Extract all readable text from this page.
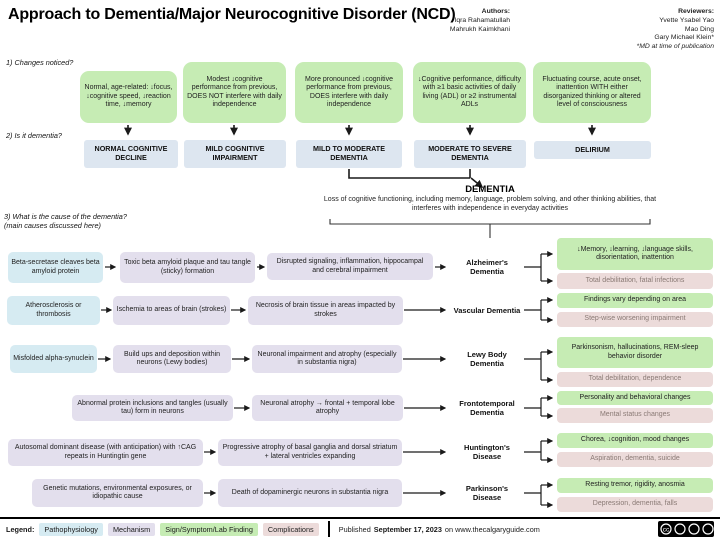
Approach to Dementia/Major Neurocognitive Disorder (NCD)	Authors:
Iqra Rahamatullah
Mahrukh Kaimkhani
Reviewers:
Yvette Ysabel Yao
Mao Ding
Gary Michael Klein*
*MD at time of publication
1) Changes noticed?
2) Is it dementia?
3) What is the cause of the dementia?
(main causes discussed here)
Normal, age-related: ↓focus, ↓cognitive speed, ↓reaction time, ↓memory
Modest ↓cognitive performance from previous, DOES NOT interfere with daily independence
More pronounced ↓cognitive performance from previous, DOES interfere with daily independence
↓Cognitive performance, difficulty with ≥1 basic activities of daily living (ADL) or ≥2 instrumental ADLs
Fluctuating course, acute onset, inattention WITH either disorganized thinking or altered level of consciousness
NORMAL COGNITIVE DECLINE
MILD COGNITIVE IMPAIRMENT
MILD TO MODERATE DEMENTIA
MODERATE TO SEVERE DEMENTIA
DELIRIUM
DEMENTIA
Loss of cognitive functioning, including memory, language, problem solving, and other thinking abilities, that interferes with independence in everyday activities
Beta-secretase cleaves beta amyloid protein
Toxic beta amyloid plaque and tau tangle (sticky) formation
Disrupted signaling, inflammation, hippocampal and cerebral impairment
Alzheimer's Dementia
↓Memory, ↓learning, ↓language skills, disorientation, inattention
Total debilitation, fatal infections
Atherosclerosis or thrombosis
Ischemia to areas of brain (strokes)
Necrosis of brain tissue in areas impacted by strokes	Vascular Dementia
Findings vary depending on area
Step-wise worsening impairment
Misfolded alpha-synuclein
Build ups and deposition within neurons (Lewy bodies)
Neuronal impairment and atrophy (especially in substantia nigra)
Lewy Body Dementia
Parkinsonism, hallucinations, REM-sleep behavior disorder
Total debilitation, dependence
Abnormal protein inclusions and tangles (usually tau) form in neurons
Neuronal atrophy → frontal + temporal lobe atrophy
Frontotemporal Dementia
Personality and behavioral changes
Mental status changes
Autosomal dominant disease (with anticipation) with ↑CAG repeats in Huntingtin gene
Progressive atrophy of basal ganglia and dorsal striatum + lateral ventricles expanding
Huntington's Disease
Chorea, ↓cognition, mood changes
Aspiration, dementia, suicide
Genetic mutations, environmental exposures, or idiopathic cause
Death of dopaminergic neurons in substantia nigra	Parkinson's Disease
Resting tremor, rigidity, anosmia
Depression, dementia, falls
Legend:	Pathophysiology	Mechanism	Sign/Symptom/Lab Finding	Complications	Published September 17, 2023 on www.thecalgaryguide.com	cc
